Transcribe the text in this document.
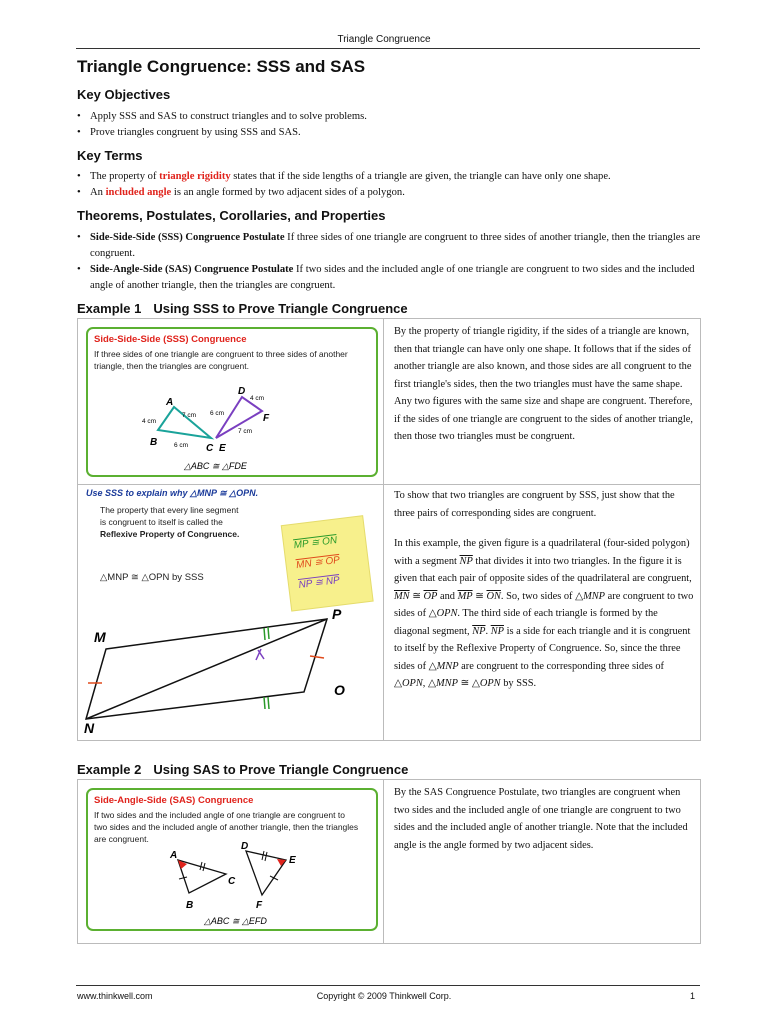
Triangle Congruence
Triangle Congruence: SSS and SAS
Key Objectives
• Apply SSS and SAS to construct triangles and to solve problems.
• Prove triangles congruent by using SSS and SAS.
Key Terms
• The property of triangle rigidity states that if the side lengths of a triangle are given, the triangle can have only one shape.
• An included angle is an angle formed by two adjacent sides of a polygon.
Theorems, Postulates, Corollaries, and Properties
• Side-Side-Side (SSS) Congruence Postulate If three sides of one triangle are congruent to three sides of another triangle, then the triangles are congruent.
• Side-Angle-Side (SAS) Congruence Postulate If two sides and the included angle of one triangle are congruent to two sides and the included angle of another triangle, then the triangles are congruent.
Example 1 Using SSS to Prove Triangle Congruence
Side-Side-Side (SSS) Congruence
If three sides of one triangle are congruent to three sides of another
triangle, then the triangles are congruent.
A
B
C
D
E
F
4 cm
7 cm
6 cm
6 cm
4 cm
7 cm
△ABC ≅ △FDE
Use SSS to explain why △MNP ≅ △OPN.
The property that every line segment
is congruent to itself is called the
Reflexive Property of Congruence.
△MNP ≅ △OPN by SSS
MP ≅ ON
MN ≅ OP
NP ≅ NP
M
P
O
N
By the property of triangle rigidity, if the sides of a triangle are known, then that triangle can have only one shape. It follows that if the sides of another triangle are also known, and those sides are all congruent to the first triangle's sides, then the two triangles must have the same shape. Any two figures with the same size and shape are congruent. Therefore, if the sides of one triangle are congruent to the sides of another triangle, then those two triangles must be congruent.

To show that two triangles are congruent by SSS, just show that the three pairs of corresponding sides are congruent.

In this example, the given figure is a quadrilateral (four-sided polygon) with a segment $\overline{NP}$ that divides it into two triangles. In the figure it is given that each pair of opposite sides of the quadrilateral are congruent, $\overline{MN}$ ≅ $\overline{OP}$ and $\overline{MP}$ ≅ $\overline{ON}$. So, two sides of △MNP are congruent to two sides of △OPN. The third side of each triangle is formed by the diagonal segment, $\overline{NP}$. $\overline{NP}$ is a side for each triangle and it is congruent to itself by the Reflexive Property of Congruence. So, since the three sides of △MNP are congruent to the corresponding three sides of △OPN, △MNP ≅ △OPN by SSS.

Example 2 Using SAS to Prove Triangle Congruence
Side-Angle-Side (SAS) Congruence
If two sides and the included angle of one triangle are congruent to
two sides and the included angle of another triangle, then the triangles
are congruent.
A
B
C
D
E
F
△ABC ≅ △EFD
By the SAS Congruence Postulate, two triangles are congruent when two sides and the included angle of one triangle are congruent to two sides and the included angle of another triangle. Note that the included angle is the angle formed by two adjacent sides.
www.thinkwell.com	Copyright © 2009 Thinkwell Corp.	1
